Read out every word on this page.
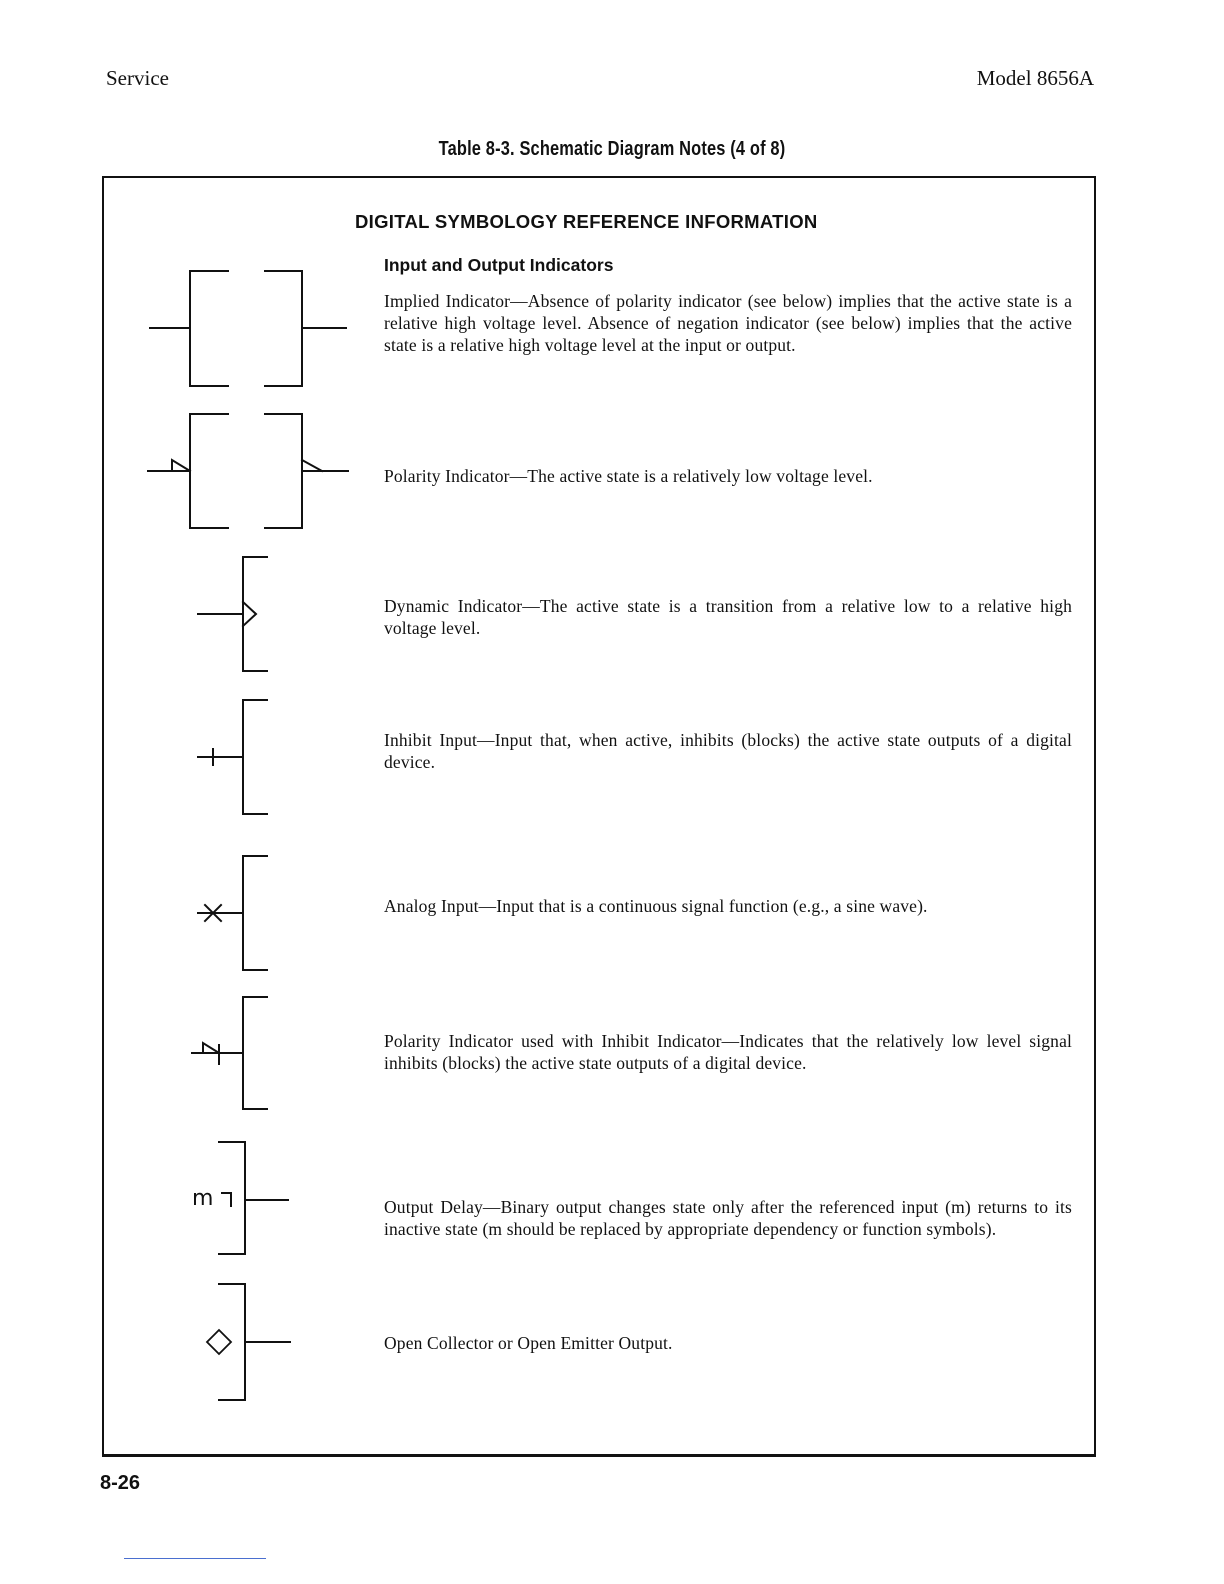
Service	Model 8656A
Table 8-3. Schematic Diagram Notes (4 of 8)
DIGITAL SYMBOLOGY REFERENCE INFORMATION
Input and Output Indicators
Implied Indicator—Absence of polarity indicator (see below) implies that the active state is a relative high voltage level. Absence of negation indicator (see below) implies that the active state is a relative high voltage level at the input or output.
Polarity Indicator—The active state is a relatively low voltage level.
Dynamic Indicator—The active state is a transition from a relative low to a relative high voltage level.
Inhibit Input—Input that, when active, inhibits (blocks) the active state outputs of a digital device.
Analog Input—Input that is a continuous signal function (e.g., a sine wave).
Polarity Indicator used with Inhibit Indicator—Indicates that the relatively low level signal inhibits (blocks) the active state outputs of a digital device.
Output Delay—Binary output changes state only after the referenced input (m) returns to its inactive state (m should be replaced by appropriate dependency or function symbols).
Open Collector or Open Emitter Output.
m
8-26
